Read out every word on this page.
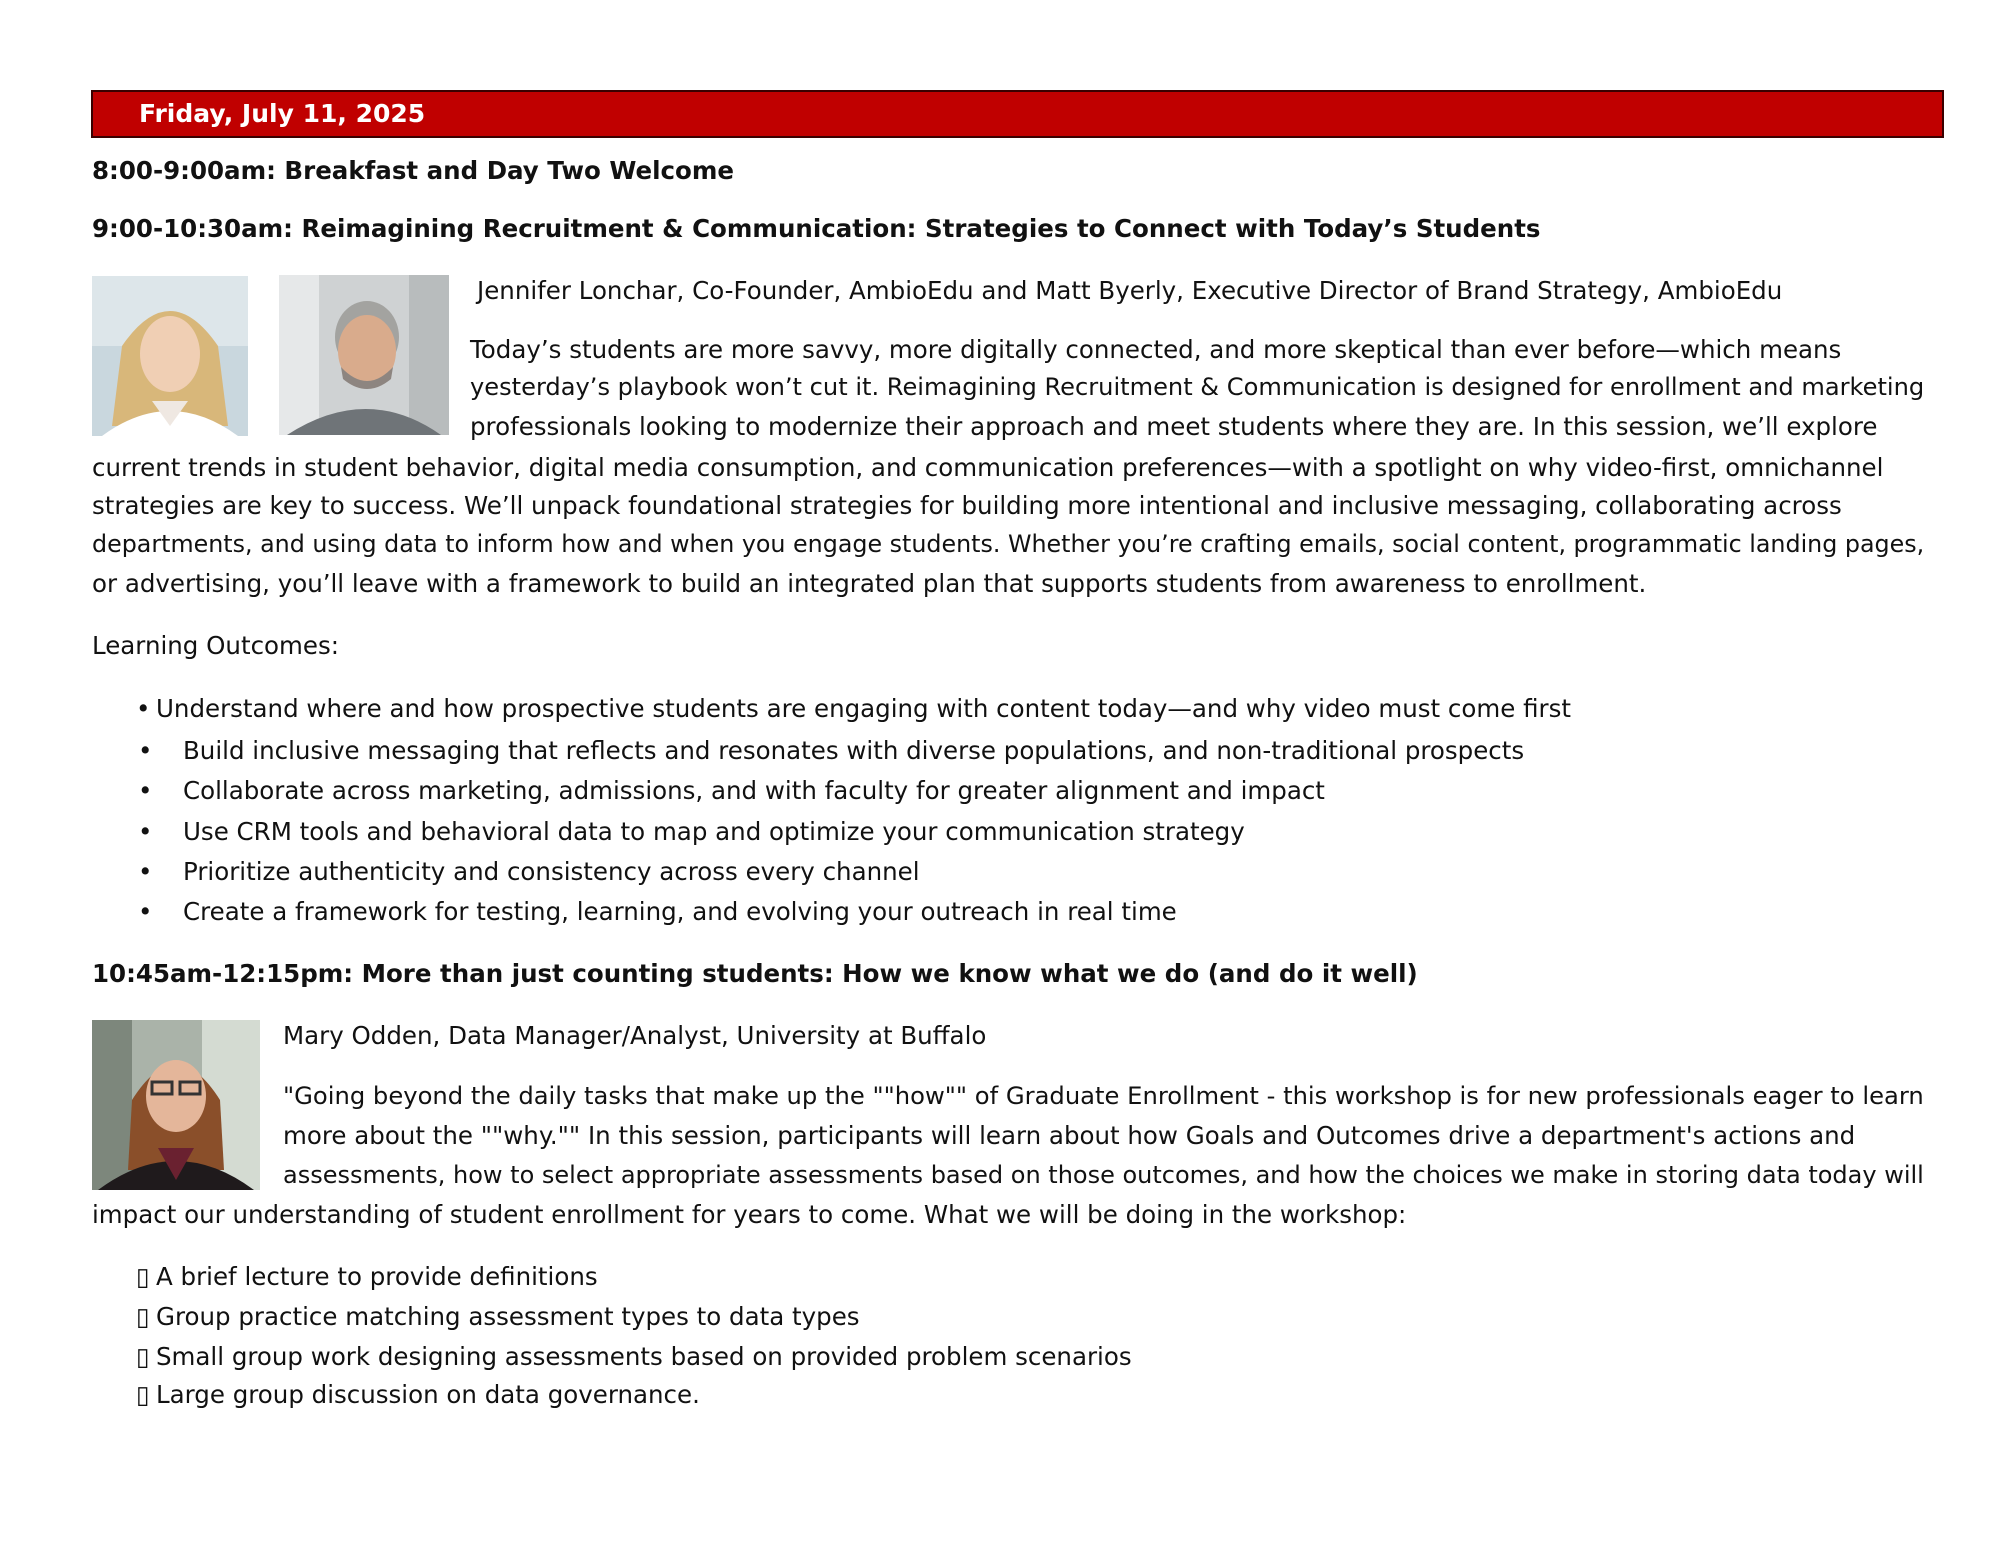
Friday, July 11, 2025
8:00-9:00am: Breakfast and Day Two Welcome
9:00-10:30am: Reimagining Recruitment & Communication: Strategies to Connect with Today’s Students
Jennifer Lonchar, Co-Founder, AmbioEdu and Matt Byerly, Executive Director of Brand Strategy, AmbioEdu
Today’s students are more savvy, more digitally connected, and more skeptical than ever before—which means
yesterday’s playbook won’t cut it. Reimagining Recruitment & Communication is designed for enrollment and marketing
professionals looking to modernize their approach and meet students where they are. In this session, we’ll explore
current trends in student behavior, digital media consumption, and communication preferences—with a spotlight on why video-first, omnichannel
strategies are key to success. We’ll unpack foundational strategies for building more intentional and inclusive messaging, collaborating across
departments, and using data to inform how and when you engage students. Whether you’re crafting emails, social content, programmatic landing pages,
or advertising, you’ll leave with a framework to build an integrated plan that supports students from awareness to enrollment.
Learning Outcomes:
• Understand where and how prospective students are engaging with content today—and why video must come first
• Build inclusive messaging that reflects and resonates with diverse populations, and non-traditional prospects
• Collaborate across marketing, admissions, and with faculty for greater alignment and impact
• Use CRM tools and behavioral data to map and optimize your communication strategy
• Prioritize authenticity and consistency across every channel
• Create a framework for testing, learning, and evolving your outreach in real time
10:45am-12:15pm: More than just counting students: How we know what we do (and do it well)
Mary Odden, Data Manager/Analyst, University at Buffalo
"Going beyond the daily tasks that make up the ""how"" of Graduate Enrollment - this workshop is for new professionals eager to learn
more about the ""why."" In this session, participants will learn about how Goals and Outcomes drive a department's actions and
assessments, how to select appropriate assessments based on those outcomes, and how the choices we make in storing data today will
impact our understanding of student enrollment for years to come. What we will be doing in the workshop:
▯ A brief lecture to provide definitions
▯ Group practice matching assessment types to data types
▯ Small group work designing assessments based on provided problem scenarios
▯ Large group discussion on data governance.
